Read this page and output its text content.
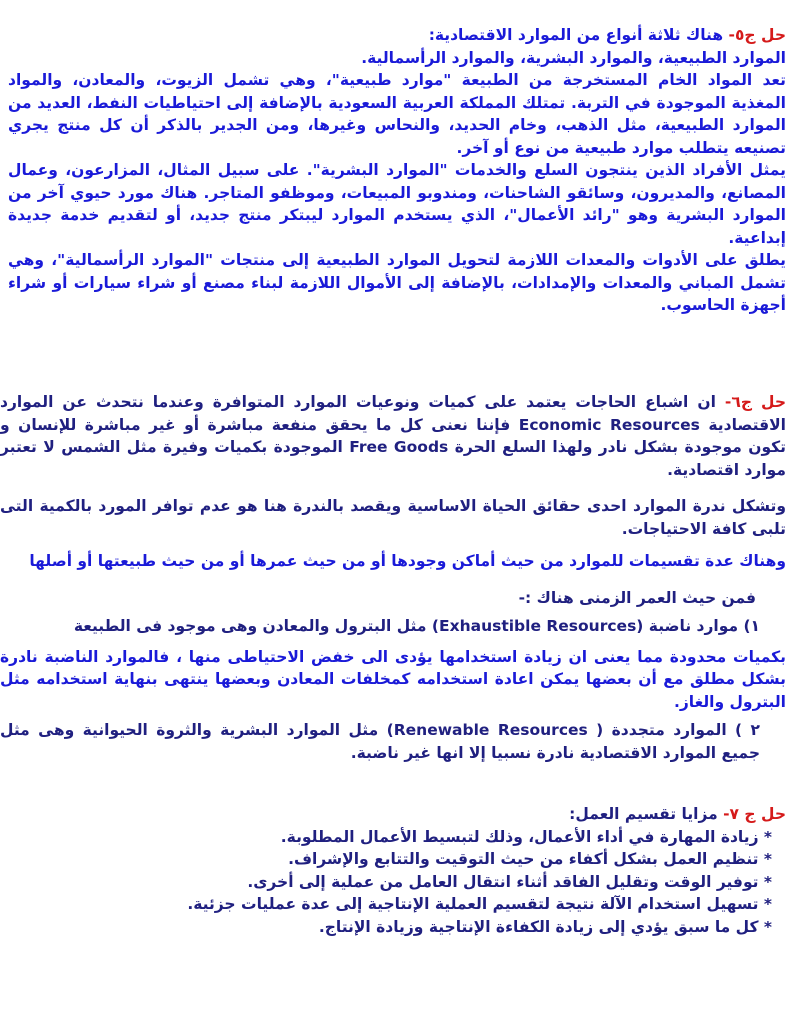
حل ج٥- هناك ثلاثة أنواع من الموارد الاقتصادية:

الموارد الطبيعية، والموارد البشرية، والموارد الرأسمالية.

تعد المواد الخام المستخرجة من الطبيعة "موارد طبيعية"، وهي تشمل الزيوت، والمعادن، والمواد المغذية الموجودة في التربة. تمتلك المملكة العربية السعودية بالإضافة إلى احتياطيات النفط، العديد من الموارد الطبيعية، مثل الذهب، وخام الحديد، والنحاس وغيرها، ومن الجدير بالذكر أن كل منتج يجري تصنيعه يتطلب موارد طبيعية من نوع أو آخر.

يمثل الأفراد الذين ينتجون السلع والخدمات "الموارد البشرية". على سبيل المثال، المزارعون، وعمال المصانع، والمديرون، وسائقو الشاحنات، ومندوبو المبيعات، وموظفو المتاجر. هناك مورد حيوي آخر من الموارد البشرية وهو "رائد الأعمال"، الذي يستخدم الموارد ليبتكر منتج جديد، أو لتقديم خدمة جديدة إبداعية.

يطلق على الأدوات والمعدات اللازمة لتحويل الموارد الطبيعية إلى منتجات "الموارد الرأسمالية"، وهي تشمل المباني والمعدات والإمدادات، بالإضافة إلى الأموال اللازمة لبناء مصنع أو شراء سيارات أو شراء أجهزة الحاسوب.

حل ج٦- ان اشباع الحاجات يعتمد على كميات ونوعيات الموارد المتوافرة وعندما نتحدث عن الموارد الاقتصادية Economic Resources فإننا نعنى كل ما يحقق منفعة مباشرة أو غير مباشرة للإنسان و تكون موجودة بشكل نادر ولهذا السلع الحرة Free Goods الموجودة بكميات وفيرة مثل الشمس لا تعتبر موارد اقتصادية.

وتشكل ندرة الموارد احدى حقائق الحياة الاساسية ويقصد بالندرة هنا هو عدم توافر المورد بالكمية التى تلبى كافة الاحتياجات.

وهناك عدة تقسيمات للموارد من حيث أماكن وجودها أو من حيث عمرها أو من حيث طبيعتها أو أصلها

فمن حيث العمر الزمنى هناك :-

١) موارد ناضبة (Exhaustible Resources) مثل البترول والمعادن وهى موجود فى الطبيعة

بكميات محدودة مما يعنى ان زيادة استخدامها يؤدى الى خفض الاحتياطى منها ، فالموارد الناضبة نادرة بشكل مطلق مع أن بعضها يمكن اعادة استخدامه كمخلفات المعادن وبعضها ينتهى بنهاية استخدامه مثل البترول والغاز.

٢ ) الموارد متجددة ( Renewable Resources) مثل الموارد البشرية والثروة الحيوانية وهى مثل جميع الموارد الاقتصادية نادرة نسبيا إلا انها غير ناضبة.

حل ج ٧- مزايا تقسيم العمل:

* زيادة المهارة في أداء الأعمال، وذلك لتبسيط الأعمال المطلوبة.

* تنظيم العمل بشكل أكفاء من حيث التوقيت والتتابع والإشراف.

* توفير الوقت وتقليل الفاقد أثناء انتقال العامل من عملية إلى أخرى.

* تسهيل استخدام الآلة نتيجة لتقسيم العملية الإنتاجية إلى عدة عمليات جزئية.

* كل ما سبق يؤدي إلى زيادة الكفاءة الإنتاجية وزيادة الإنتاج.
